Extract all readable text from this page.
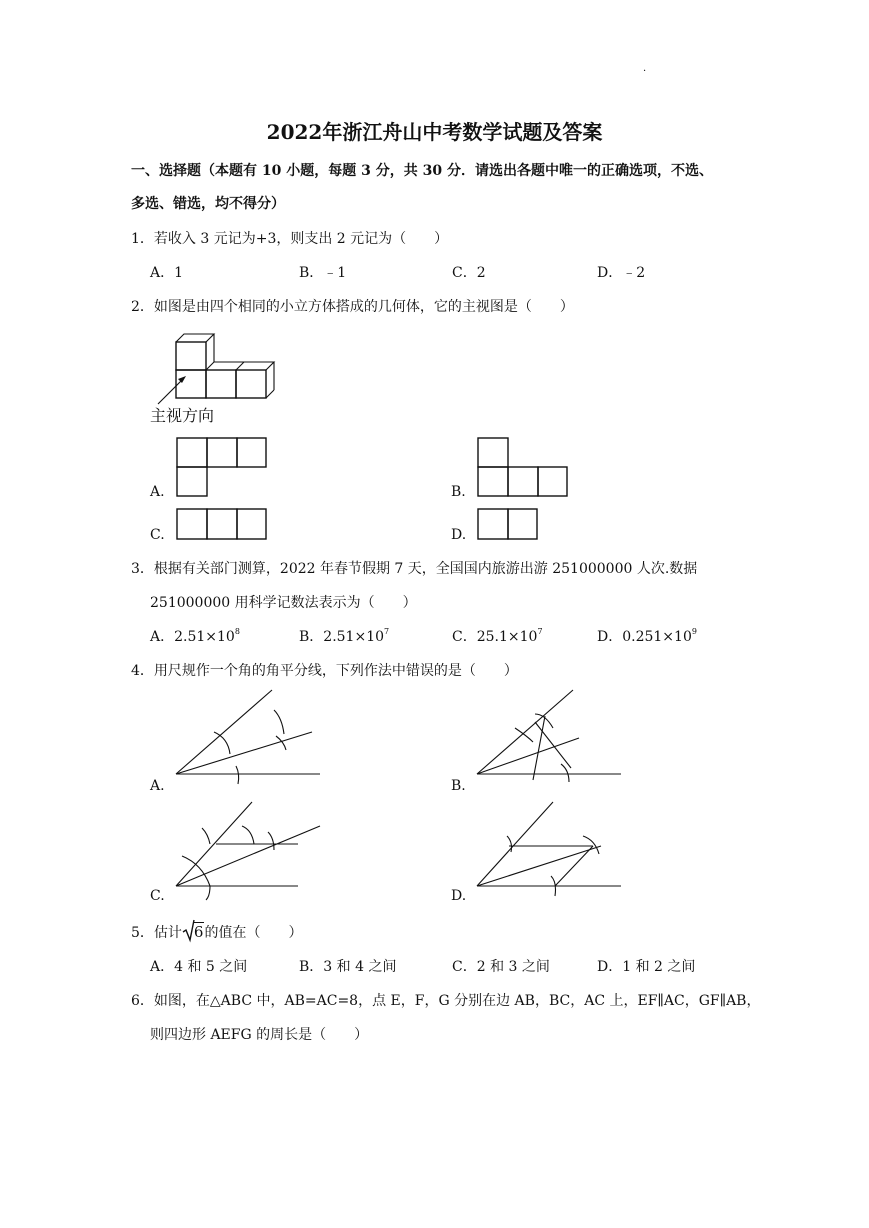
·
2022年浙江舟山中考数学试题及答案
一、选择题（本题有 10 小题，每题 3 分，共 30 分．请选出各题中唯一的正确选项，不选、
多选、错选，均不得分）
1．若收入 3 元记为+3，则支出 2 元记为（　　）
A．1	B．﹣1	C．2	D．﹣2
2．如图是由四个相同的小立方体搭成的几何体，它的主视图是（　　）
主视方向
A.	B.
C.	D.
3．根据有关部门测算，2022 年春节假期 7 天，全国国内旅游出游 251000000 人次.数据
251000000 用科学记数法表示为（　　）
A．$2.51\times 10^8$	B．$2.51\times 10^7$	C．$25.1\times 10^7$	D．$0.251\times 10^9$
4．用尺规作一个角的角平分线，下列作法中错误的是（　　）
A.	B.
C.	D.
5．估计 6的值在（　　）
A．4 和 5 之间	B．3 和 4 之间	C．2 和 3 之间	D．1 和 2 之间
6．如图，在△ABC 中，AB=AC=8，点 E，F，G 分别在边 AB，BC，AC 上，EF∥AC，GF∥AB，
则四边形 AEFG 的周长是（　　）
